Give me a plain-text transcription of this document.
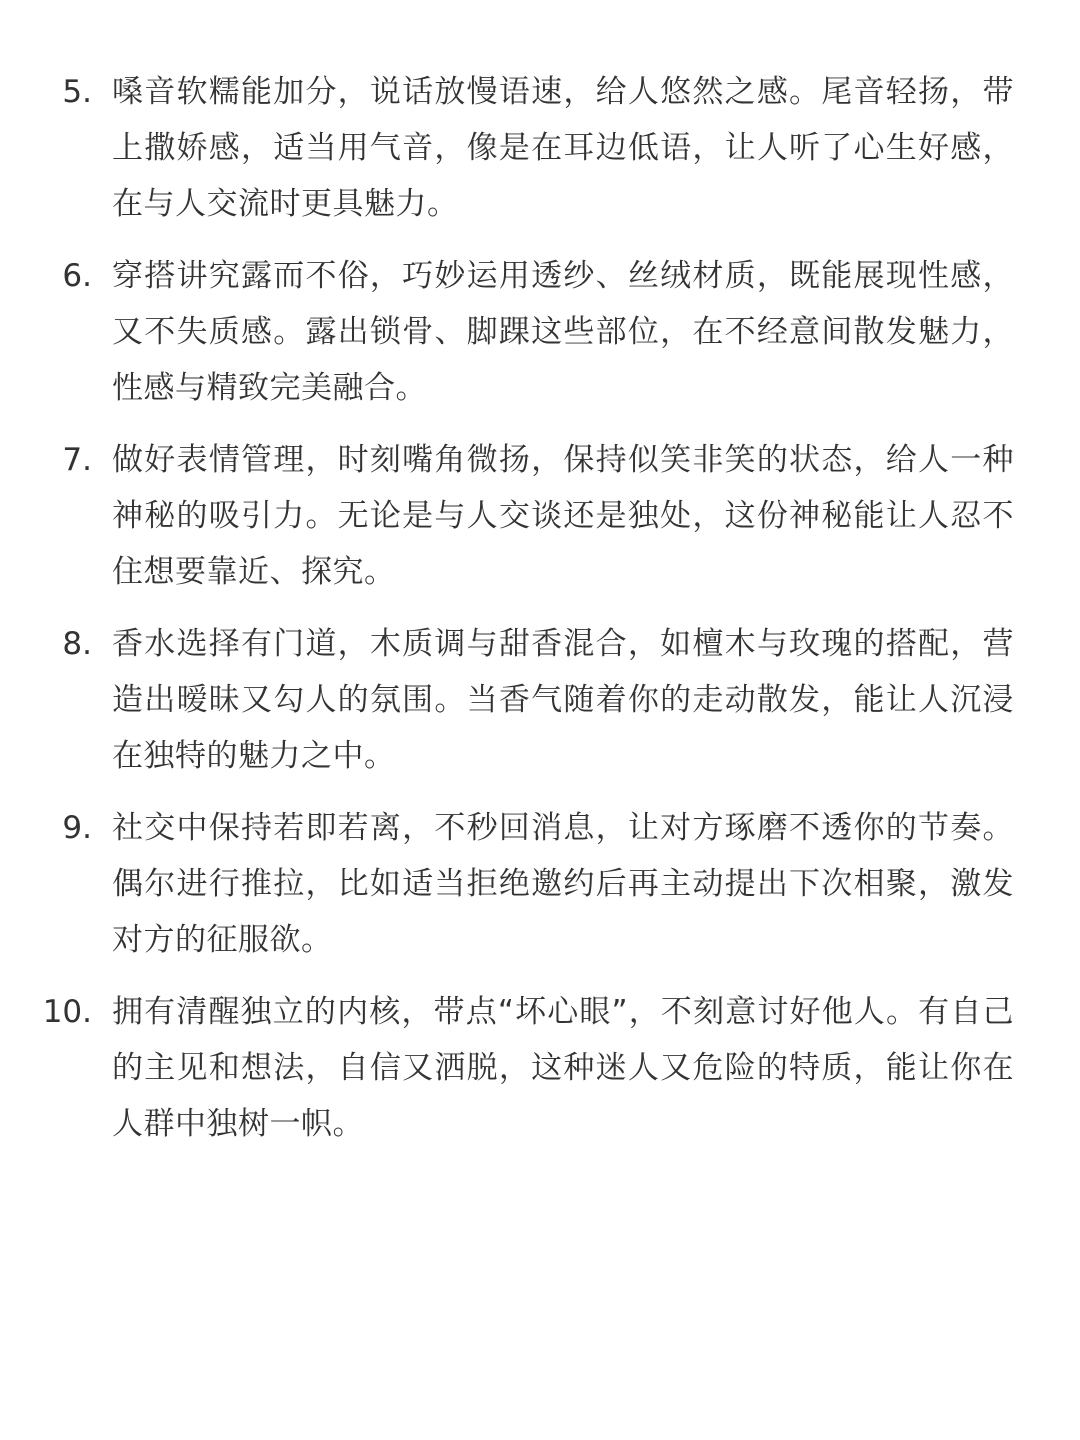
5. 嗓音软糯能加分，说话放慢语速，给人悠然之感。尾音轻扬，带上撒娇感，适当用气音，像是在耳边低语，让人听了心生好感，在与人交流时更具魅力。
6. 穿搭讲究露而不俗，巧妙运用透纱、丝绒材质，既能展现性感，又不失质感。露出锁骨、脚踝这些部位，在不经意间散发魅力，性感与精致完美融合。
7. 做好表情管理，时刻嘴角微扬，保持似笑非笑的状态，给人一种神秘的吸引力。无论是与人交谈还是独处，这份神秘能让人忍不住想要靠近、探究。
8. 香水选择有门道，木质调与甜香混合，如檀木与玫瑰的搭配，营造出暧昧又勾人的氛围。当香气随着你的走动散发，能让人沉浸在独特的魅力之中。
9. 社交中保持若即若离，不秒回消息，让对方琢磨不透你的节奏。偶尔进行推拉，比如适当拒绝邀约后再主动提出下次相聚，激发对方的征服欲。
10. 拥有清醒独立的内核，带点“坏心眼”，不刻意讨好他人。有自己的主见和想法，自信又洒脱，这种迷人又危险的特质，能让你在人群中独树一帜。
